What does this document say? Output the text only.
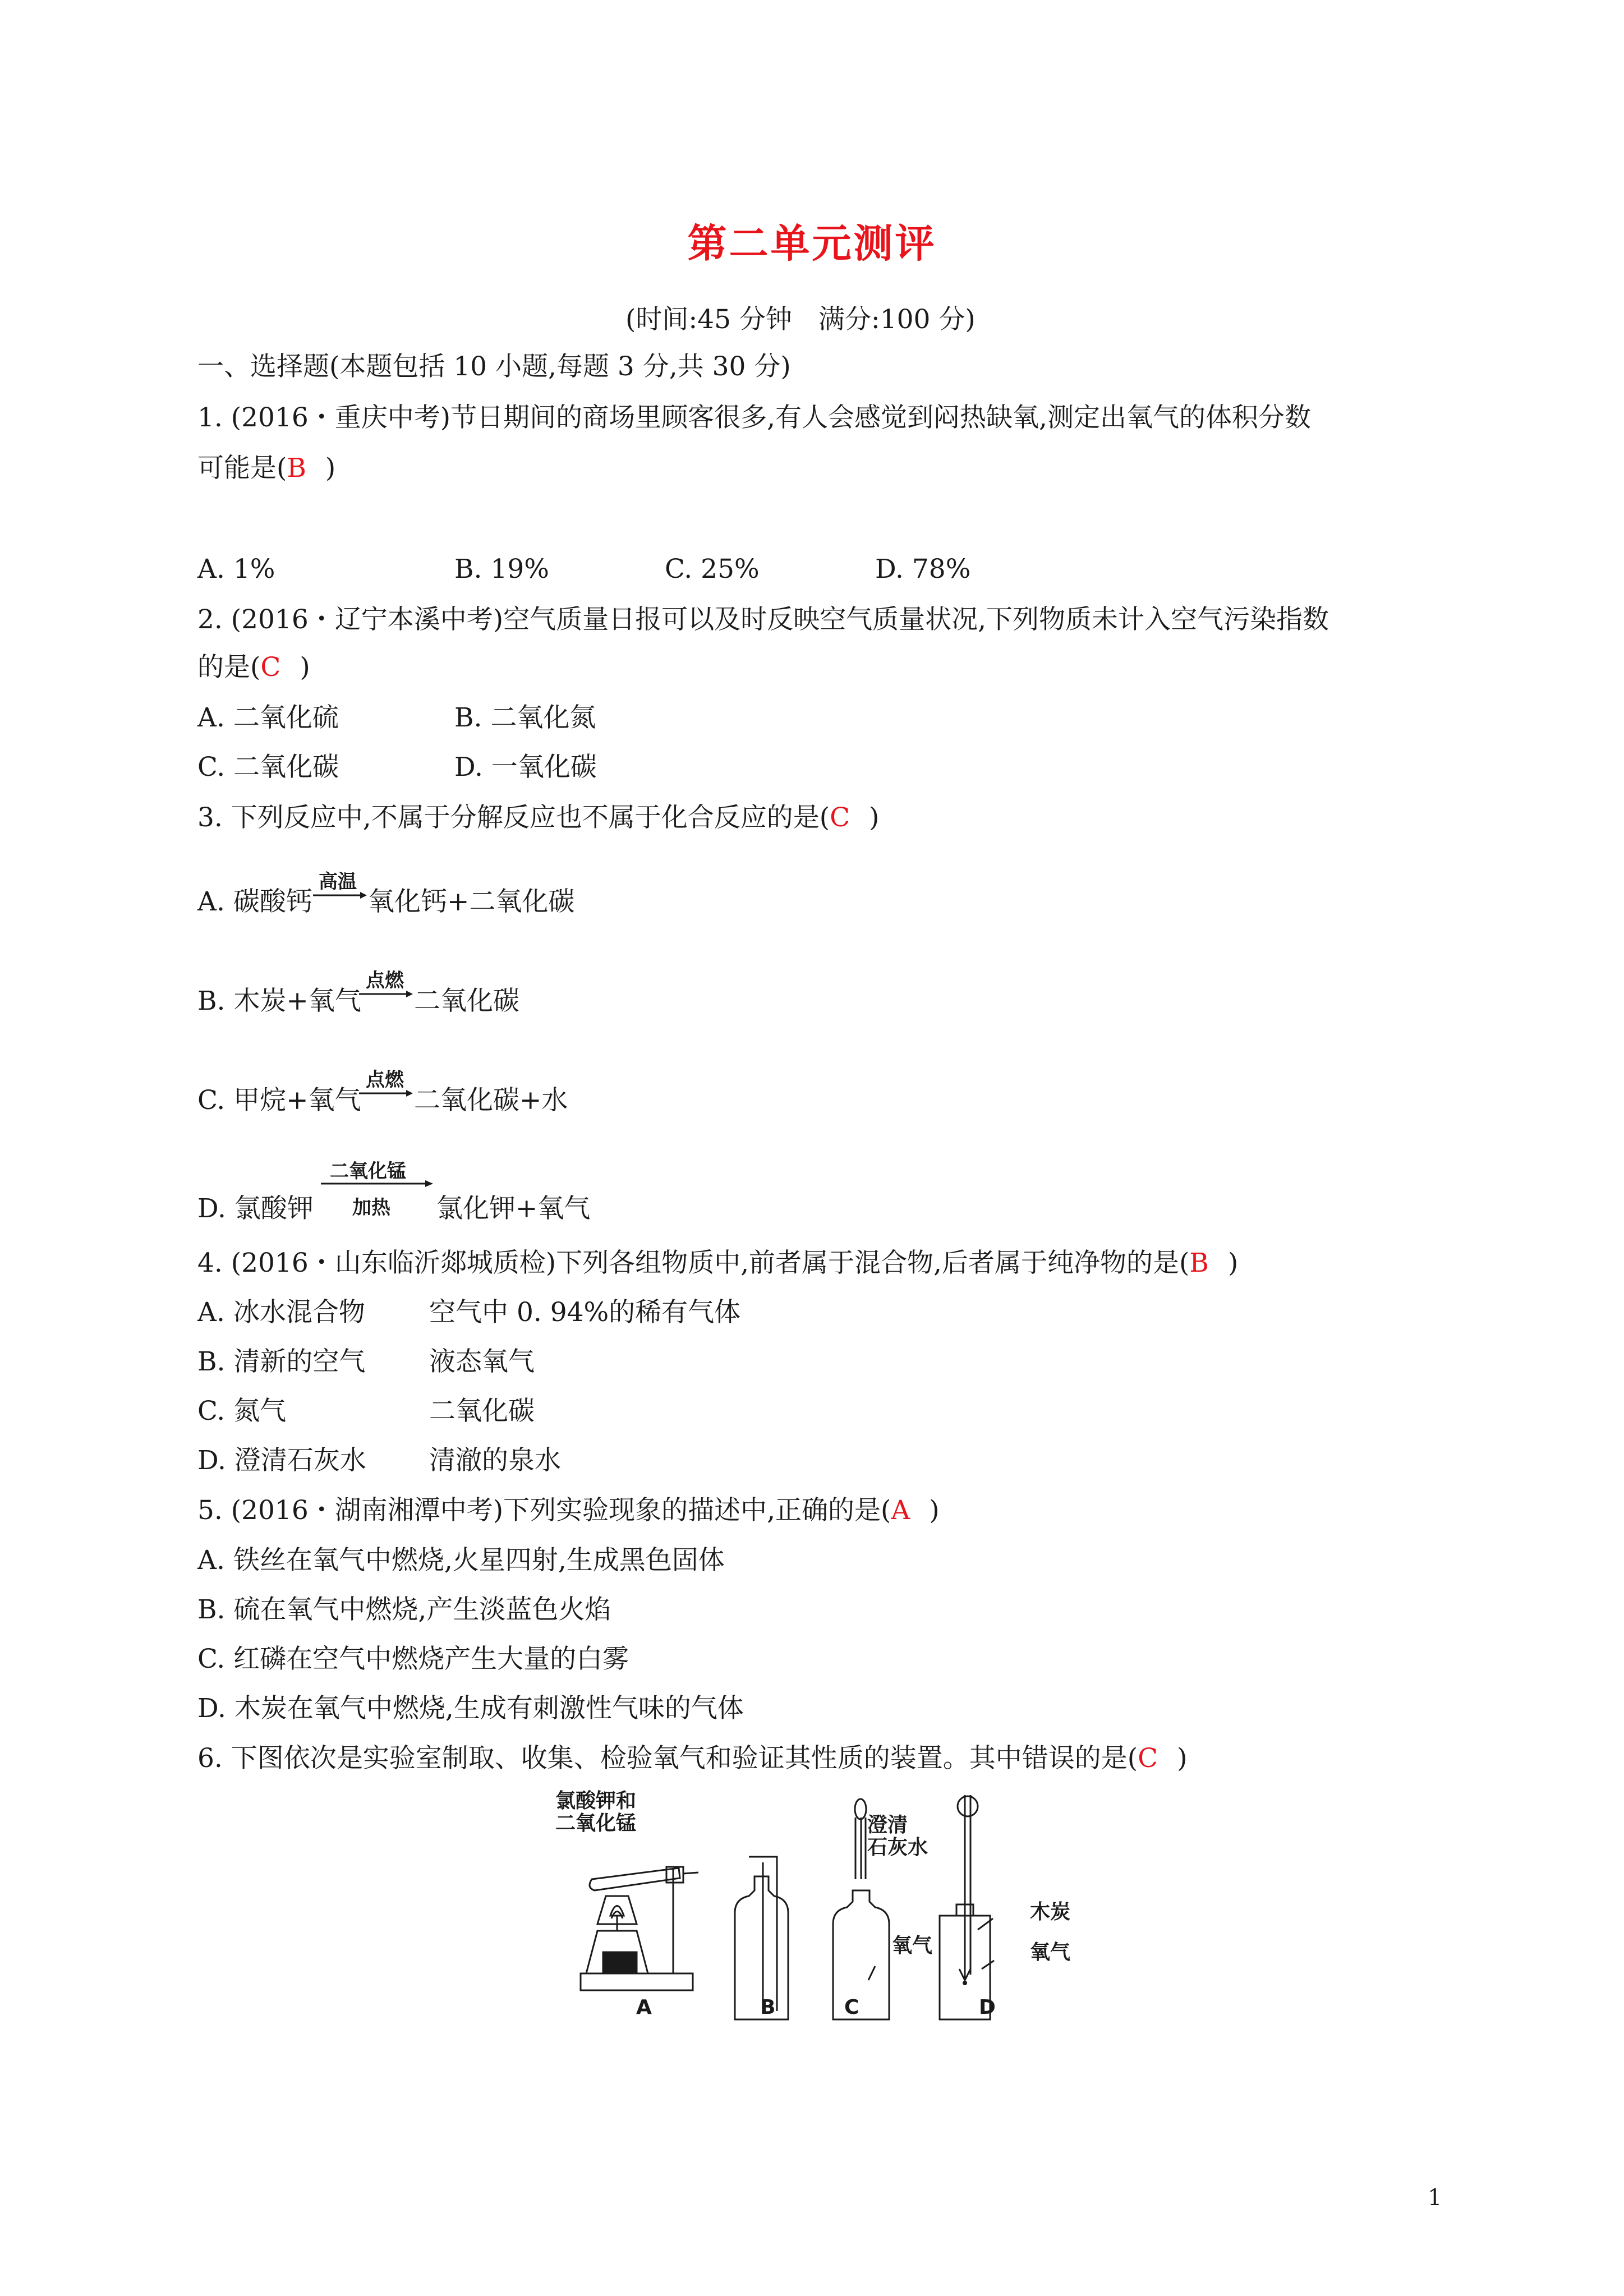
第二单元测评
(时间:45 分钟　满分:100 分)
一、选择题(本题包括 10 小题,每题 3 分,共 30 分)
1. (2016・重庆中考)节日期间的商场里顾客很多,有人会感觉到闷热缺氧,测定出氧气的体积分数
可能是(B )
A. 1%	B. 19%	C. 25%	D. 78%
2. (2016・辽宁本溪中考)空气质量日报可以及时反映空气质量状况,下列物质未计入空气污染指数
的是(C )
A. 二氧化硫	B. 二氧化氮
C. 二氧化碳	D. 一氧化碳
3. 下列反应中,不属于分解反应也不属于化合反应的是(C )
A. 碳酸钙
高温
氧化钙+二氧化碳
B. 木炭+氧气
点燃
二氧化碳
C. 甲烷+氧气
点燃
二氧化碳+水
D. 氯酸钾
二氧化锰
加热 氯化钾+氧气
4. (2016・山东临沂郯城质检)下列各组物质中,前者属于混合物,后者属于纯净物的是(B )
A. 冰水混合物 空气中 0. 94%的稀有气体
B. 清新的空气 液态氧气
C. 氮气	二氧化碳
D. 澄清石灰水 清澈的泉水
5. (2016・湖南湘潭中考)下列实验现象的描述中,正确的是(A )
A. 铁丝在氧气中燃烧,火星四射,生成黑色固体
B. 硫在氧气中燃烧,产生淡蓝色火焰
C. 红磷在空气中燃烧产生大量的白雾
D. 木炭在氧气中燃烧,生成有刺激性气味的气体
6. 下图依次是实验室制取、收集、检验氧气和验证其性质的装置。其中错误的是(C )
氯酸钾和
二氧化锰	澄清
石灰水
氧气
木炭
氧气
A	B	C	D
1
